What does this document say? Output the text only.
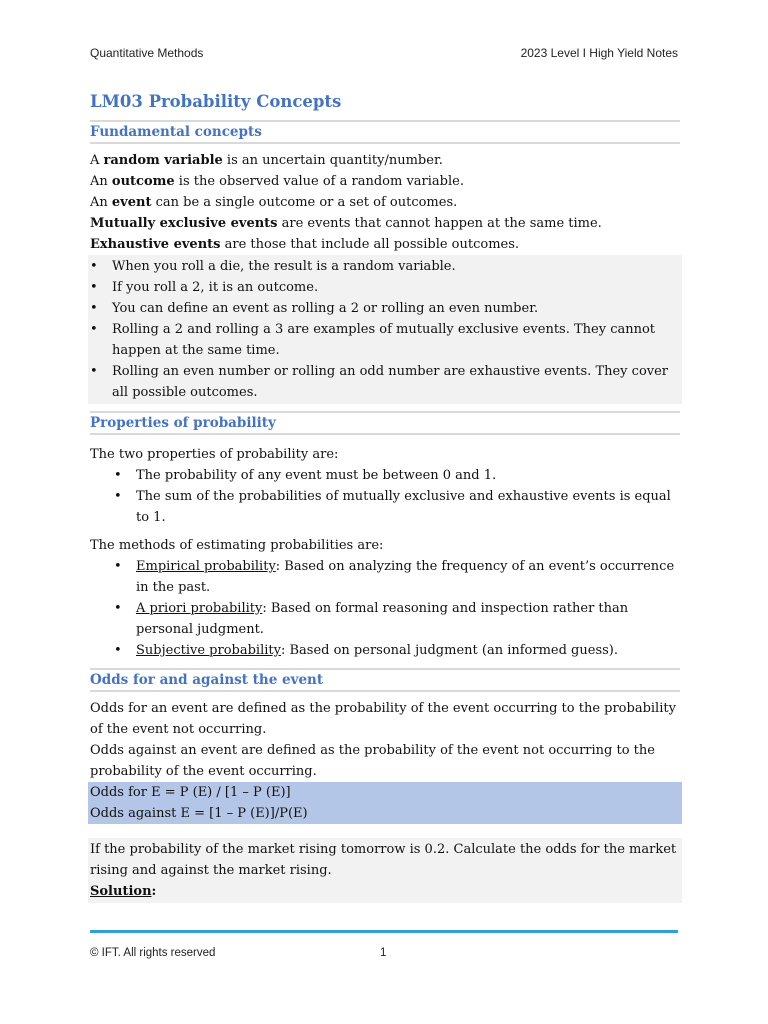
Quantitative Methods	2023 Level I High Yield Notes
LM03 Probability Concepts
Fundamental concepts
A random variable is an uncertain quantity/number.
An outcome is the observed value of a random variable.
An event can be a single outcome or a set of outcomes.
Mutually exclusive events are events that cannot happen at the same time.
Exhaustive events are those that include all possible outcomes.
• When you roll a die, the result is a random variable.
• If you roll a 2, it is an outcome.
• You can define an event as rolling a 2 or rolling an even number.
• Rolling a 2 and rolling a 3 are examples of mutually exclusive events. They cannot happen at the same time.
• Rolling an even number or rolling an odd number are exhaustive events. They cover all possible outcomes.
Properties of probability
The two properties of probability are:
• The probability of any event must be between 0 and 1.
• The sum of the probabilities of mutually exclusive and exhaustive events is equal to 1.
The methods of estimating probabilities are:
• Empirical probability: Based on analyzing the frequency of an event’s occurrence in the past.
• A priori probability: Based on formal reasoning and inspection rather than personal judgment.
• Subjective probability: Based on personal judgment (an informed guess).
Odds for and against the event
Odds for an event are defined as the probability of the event occurring to the probability of the event not occurring.
Odds against an event are defined as the probability of the event not occurring to the probability of the event occurring.
Odds for E = P (E) / [1 – P (E)]
Odds against E = [1 – P (E)]/P(E)
If the probability of the market rising tomorrow is 0.2. Calculate the odds for the market rising and against the market rising.
Solution:
© IFT. All rights reserved	1
